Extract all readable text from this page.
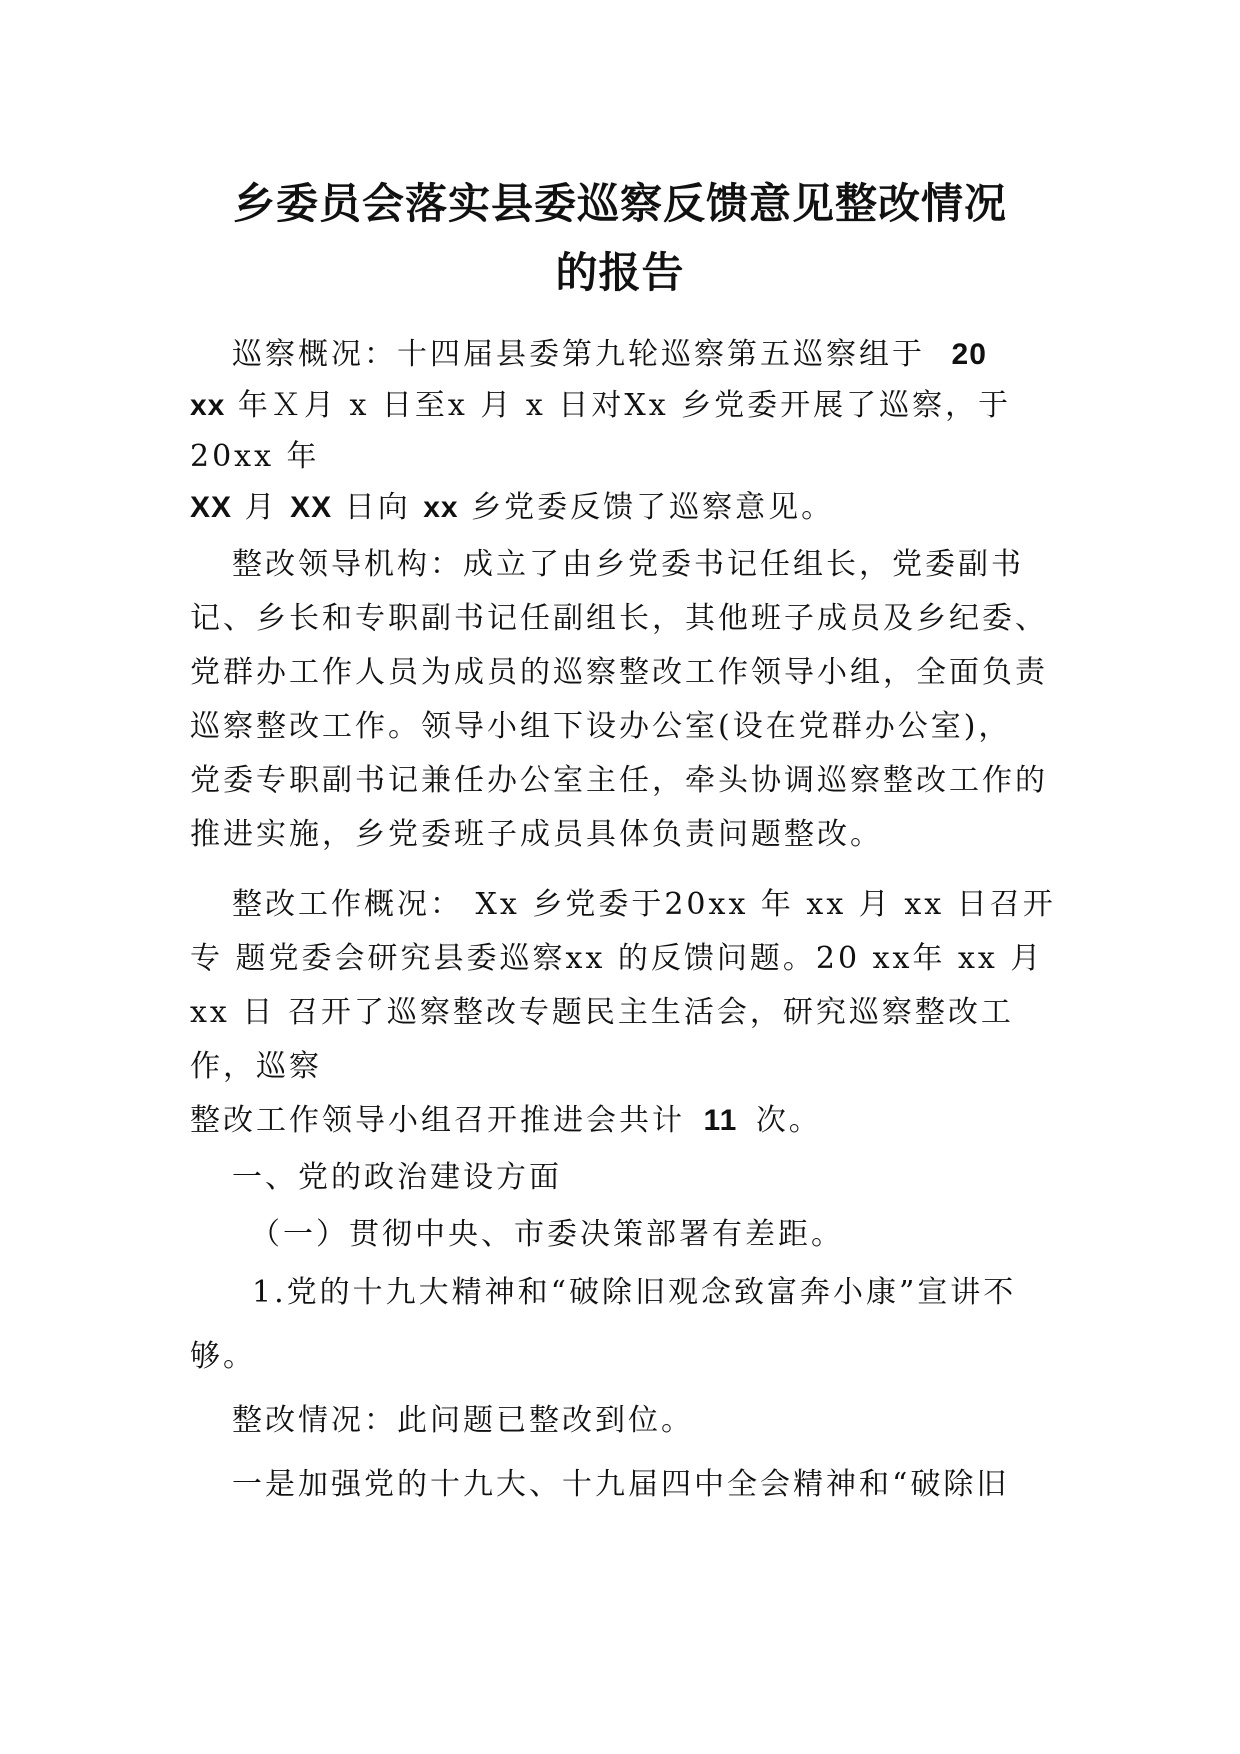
乡委员会落实县委巡察反馈意见整改情况
的报告
巡察概况：十四届县委第九轮巡察第五巡察组于 20
xx 年Ｘ月 x 日至x 月 x 日对Xx 乡党委开展了巡察，于
20xx 年
XX 月 XX 日向 xx 乡党委反馈了巡察意见。
整改领导机构：成立了由乡党委书记任组长，党委副书
记、乡长和专职副书记任副组长，其他班子成员及乡纪委、
党群办工作人员为成员的巡察整改工作领导小组，全面负责
巡察整改工作。领导小组下设办公室(设在党群办公室)，
党委专职副书记兼任办公室主任，牵头协调巡察整改工作的
推进实施，乡党委班子成员具体负责问题整改。
整改工作概况： Xx 乡党委于20xx 年 xx 月 xx 日召开
专 题党委会研究县委巡察xx 的反馈问题。20 xx年 xx 月
xx 日 召开了巡察整改专题民主生活会，研究巡察整改工
作，巡察
整改工作领导小组召开推进会共计 11 次。
一、党的政治建设方面
（一）贯彻中央、市委决策部署有差距。
1.党的十九大精神和“破除旧观念致富奔小康”宣讲不
够。
整改情况：此问题已整改到位。
一是加强党的十九大、十九届四中全会精神和“破除旧
